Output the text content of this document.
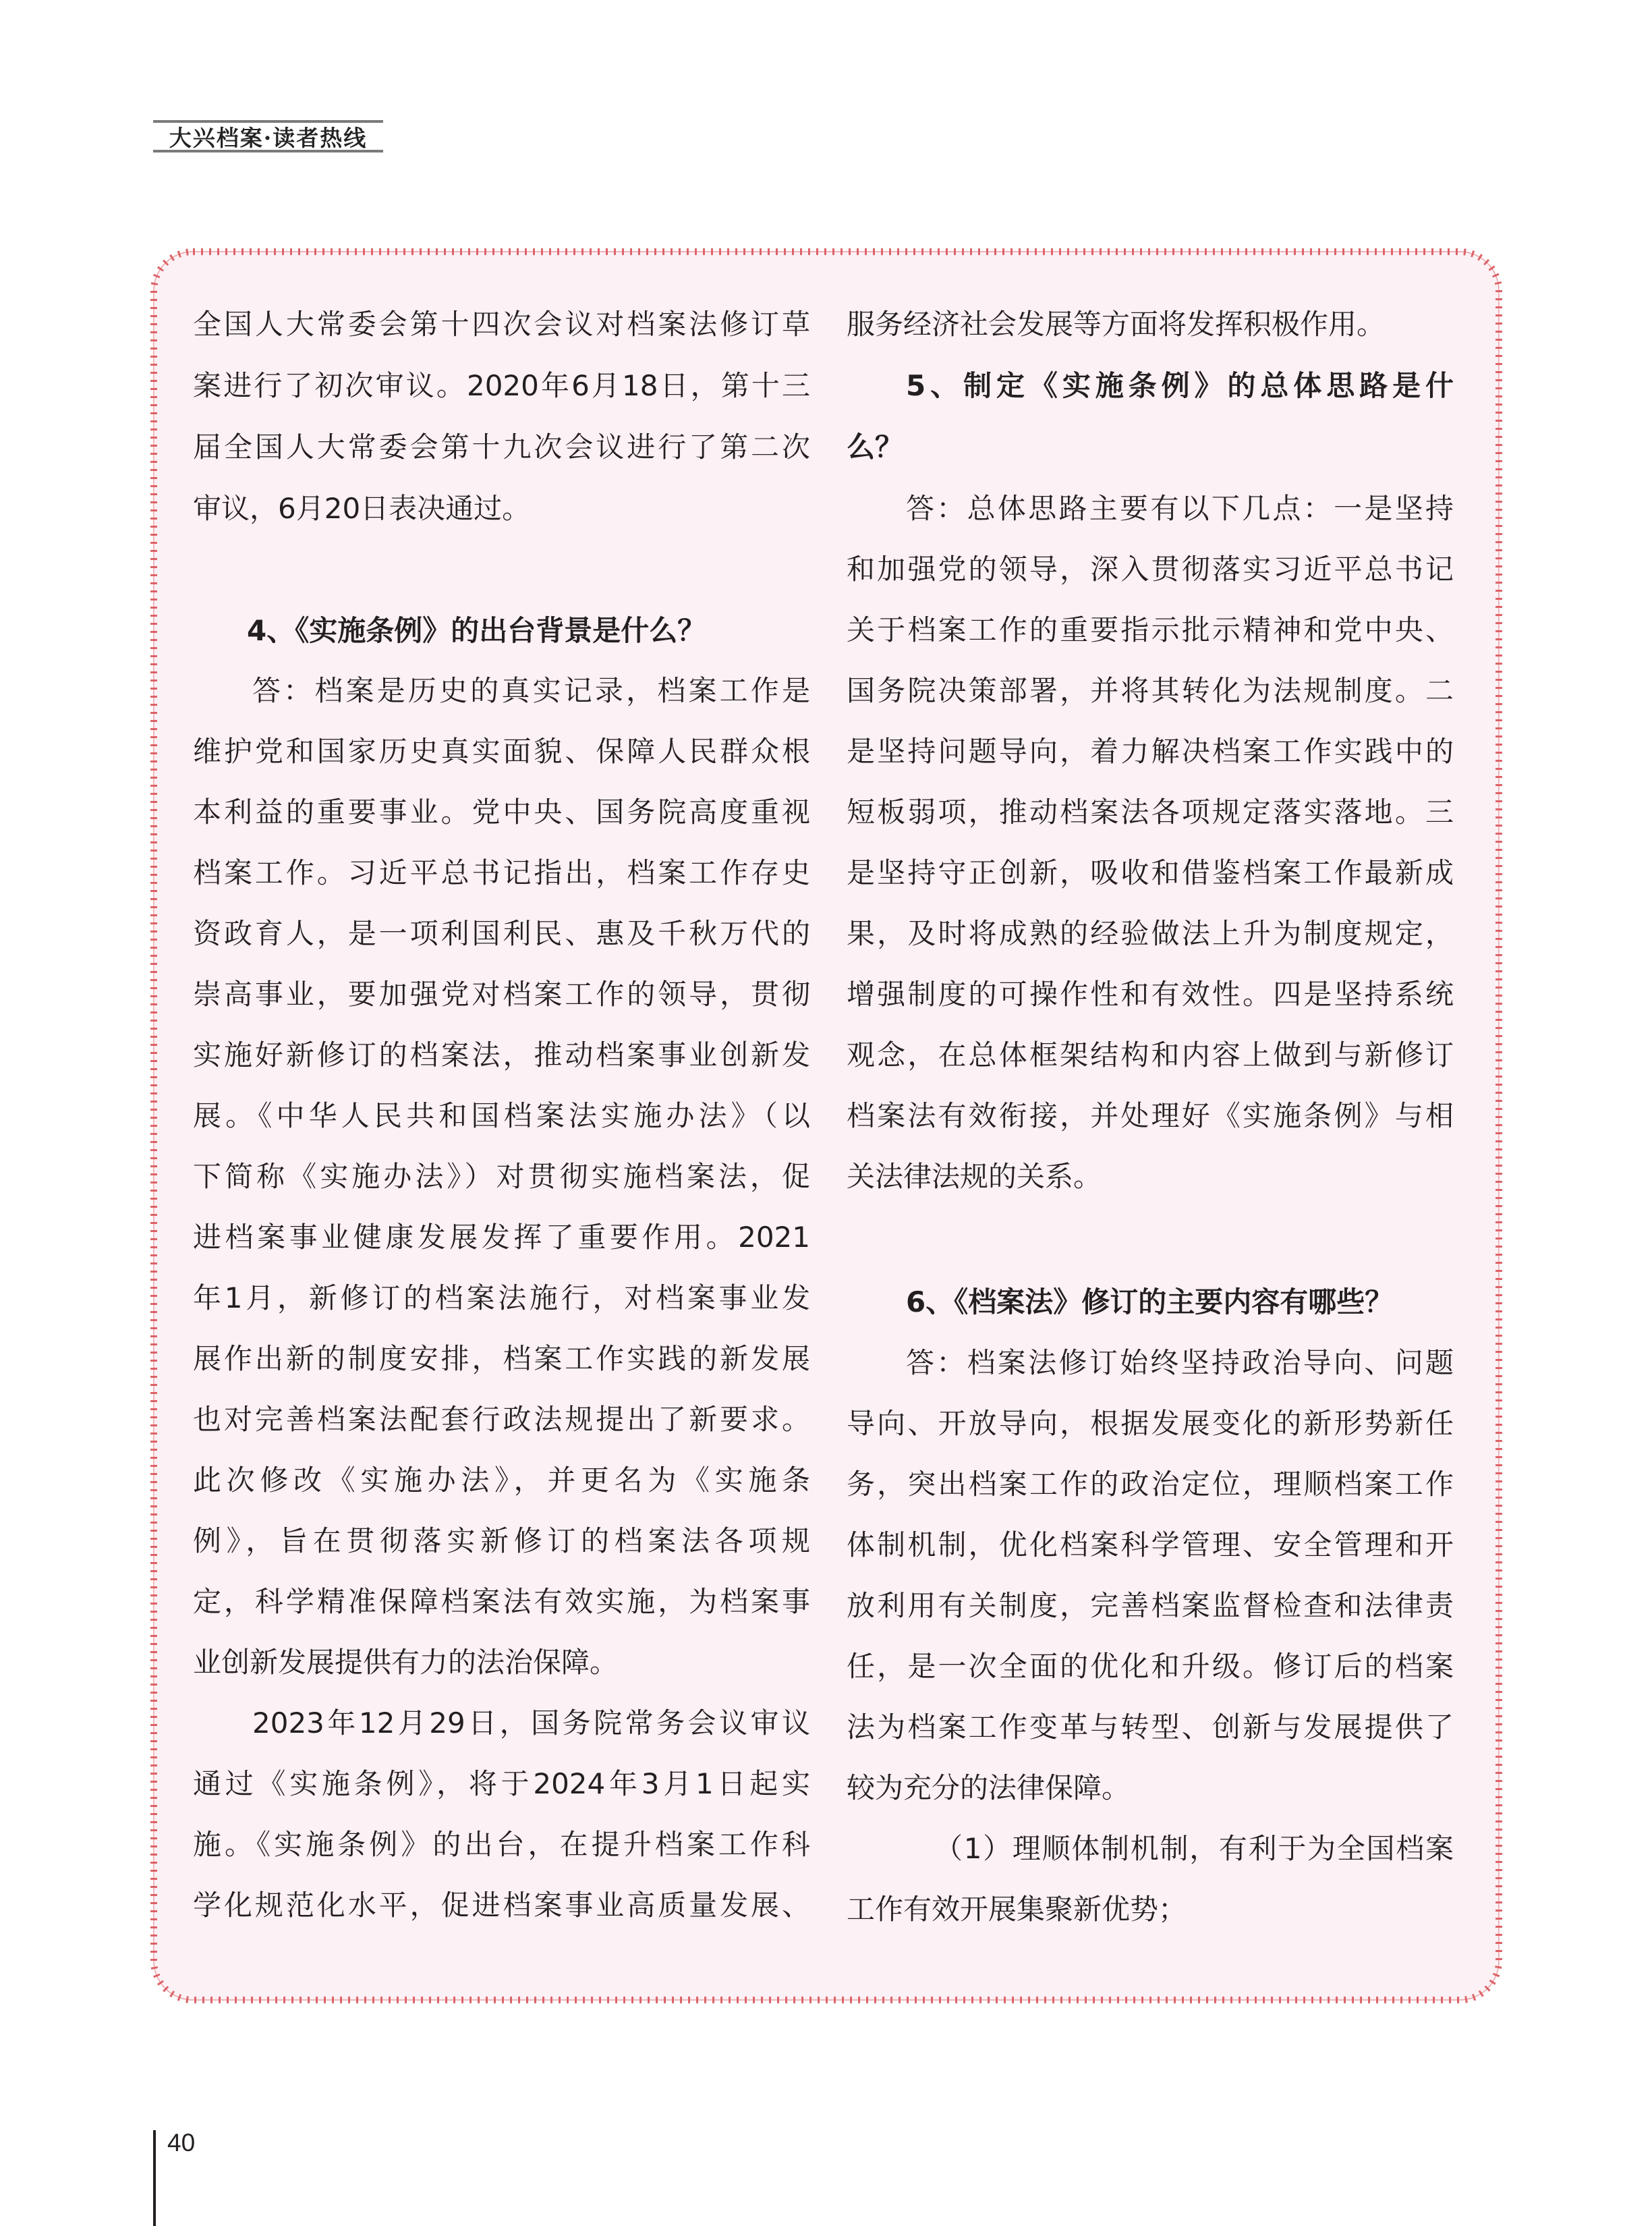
大兴档案·读者热线
全国人大常委会第十四次会议对档案法修订草
案进行了初次审议。2020年6月18日，第十三
届全国人大常委会第十九次会议进行了第二次
审议，6月20日表决通过。
4、《实施条例》的出台背景是什么？
答：档案是历史的真实记录，档案工作是
维护党和国家历史真实面貌、保障人民群众根
本利益的重要事业。党中央、国务院高度重视
档案工作。习近平总书记指出，档案工作存史
资政育人，是一项利国利民、惠及千秋万代的
崇高事业，要加强党对档案工作的领导，贯彻
实施好新修订的档案法，推动档案事业创新发
展。《中华人民共和国档案法实施办法》（以
下简称《实施办法》）对贯彻实施档案法，促
进档案事业健康发展发挥了重要作用。2021
年1月，新修订的档案法施行，对档案事业发
展作出新的制度安排，档案工作实践的新发展
也对完善档案法配套行政法规提出了新要求。
此次修改《实施办法》，并更名为《实施条
例》，旨在贯彻落实新修订的档案法各项规
定，科学精准保障档案法有效实施，为档案事
业创新发展提供有力的法治保障。
2023年12月29日，国务院常务会议审议
通过《实施条例》，将于2024年3月1日起实
施。《实施条例》的出台，在提升档案工作科
学化规范化水平，促进档案事业高质量发展、
服务经济社会发展等方面将发挥积极作用。
5、制定《实施条例》的总体思路是什
么？
答：总体思路主要有以下几点：一是坚持
和加强党的领导，深入贯彻落实习近平总书记
关于档案工作的重要指示批示精神和党中央、
国务院决策部署，并将其转化为法规制度。二
是坚持问题导向，着力解决档案工作实践中的
短板弱项，推动档案法各项规定落实落地。三
是坚持守正创新，吸收和借鉴档案工作最新成
果，及时将成熟的经验做法上升为制度规定，
增强制度的可操作性和有效性。四是坚持系统
观念，在总体框架结构和内容上做到与新修订
档案法有效衔接，并处理好《实施条例》与相
关法律法规的关系。
6、《档案法》修订的主要内容有哪些？
答：档案法修订始终坚持政治导向、问题
导向、开放导向，根据发展变化的新形势新任
务，突出档案工作的政治定位，理顺档案工作
体制机制，优化档案科学管理、安全管理和开
放利用有关制度，完善档案监督检查和法律责
任，是一次全面的优化和升级。修订后的档案
法为档案工作变革与转型、创新与发展提供了
较为充分的法律保障。
（1）理顺体制机制，有利于为全国档案
工作有效开展集聚新优势；
40
